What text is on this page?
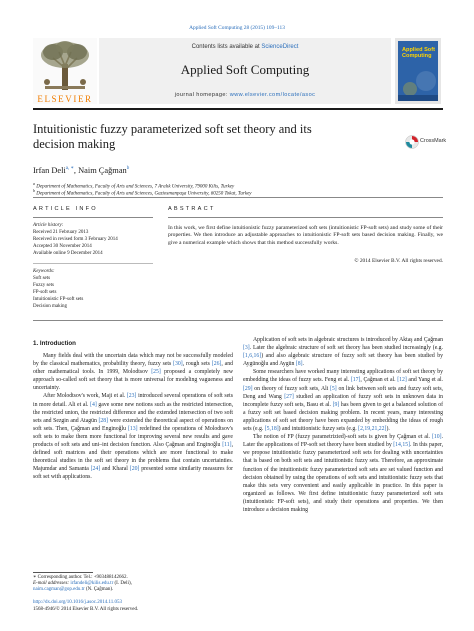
Applied Soft Computing 28 (2015) 109–113
ELSEVIER
Contents lists available at ScienceDirect
Applied Soft Computing
journal homepage: www.elsevier.com/locate/asoc
Applied Soft Computing
Intuitionistic fuzzy parameterized soft set theory and its
decision making	CrossMark
Irfan Deli$^{a, ∗}$, Naim Çağman$^b$
$^a$ Department of Mathematics, Faculty of Arts and Sciences, 7 Aralık University, 79000 Kilis, Turkey
$^b$ Department of Mathematics, Faculty of Arts and Sciences, Gaziosmanpaşa University, 60250 Tokat, Turkey
ARTICLE INFO	ABSTRACT
Article history:
Received 21 February 2013
Received in revised form 3 February 2014
Accepted 30 November 2014
Available online 9 December 2014
Keywords:
Soft sets
Fuzzy sets
FP-soft sets
Intuitionistic FP-soft sets
Decision making
In this work, we first define intuitionistic fuzzy parameterized soft sets (intuitionistic FP-soft sets) and study some of their properties. We then introduce an adjustable approaches to intuitionistic FP-soft sets based decision making. Finally, we give a numerical example which shows that this method successfully works.
© 2014 Elsevier B.V. All rights reserved.
1. Introduction

Many fields deal with the uncertain data which may not be successfully modeled by the classical mathematics, probability theory, fuzzy sets [30], rough sets [26], and other mathematical tools. In 1999, Molodtsov [25] proposed a completely new approach so-called soft set theory that is more universal for modeling vagueness and uncertainty.

After Molodtsov's work, Maji et al. [23] introduced several operations of soft sets in more detail. Ali et al. [4] gave some new notions such as the restricted intersection, the restricted union, the restricted difference and the extended intersection of two soft sets and Sezgin and Atagün [28] were extended the theoretical aspect of operations on soft sets. Then, Çağman and Enginoğlu [13] redefined the operations of Molodtsov's soft sets to make them more functional for improving several new results and gave products of soft sets and uni–int decision function. Also Çağman and Enginoğlu [11], defined soft matrices and their operations which are more functional to make theoretical studies in the soft set theory in the problems that contain uncertainties. Majumdar and Samanta [24] and Kharal [20] presented some similarity measures for soft set with applications.

Application of soft sets in algebraic structures is introduced by Aktaş and Çağman [3]. Later the algebraic structure of soft set theory has been studied increasingly (e.g. [1,6,16]) and also algebraic structure of fuzzy soft set theory has been studied by Aygünoğlu and Aygün [8].

Some researchers have worked many interesting applications of soft set theory by embedding the ideas of fuzzy sets. Feng et al. [17], Çağman et al. [12] and Yang et al. [29] on theory of fuzzy soft sets, Ali [5] on link between soft sets and fuzzy soft sets, Deng and Wang [27] studied an application of fuzzy soft sets in unknown data in incomplete fuzzy soft sets, Basu et al. [9] has been given to get a balanced solution of a fuzzy soft set based decision making problem. In recent years, many interesting applications of soft set theory have been expanded by embedding the ideas of rough sets (e.g. [5,18]) and intuitionistic fuzzy sets (e.g. [2,19,21,22]).

The notion of FP (fuzzy parametrizied)-soft sets is given by Çağman et al. [10]. Later the applications of FP-soft set theory have been studied by [14,15]. In this paper, we propose intuitionistic fuzzy parameterized soft sets for dealing with uncertainties that is based on both soft sets and intuitionistic fuzzy sets. Therefore, an approximate function of the intuitionistic fuzzy parameterized soft sets are set valued function and decision obtained by using the operations of soft sets and intuitionistic fuzzy sets that make this sets very convenient and easily applicable in practice. In this paper is organized as follows. We first define intuitionistic fuzzy parameterized soft sets (intuitionistic FP-soft sets), and study their operations and properties. We then introduce a decision making

∗ Corresponding author. Tel.: +903488142662.
E-mail addresses: irfandeli@kilis.edu.tr (I. Deli),
naim.cagman@gop.edu.tr (N. Çağman).
http://dx.doi.org/10.1016/j.asoc.2014.11.053
1568-4946/© 2014 Elsevier B.V. All rights reserved.
